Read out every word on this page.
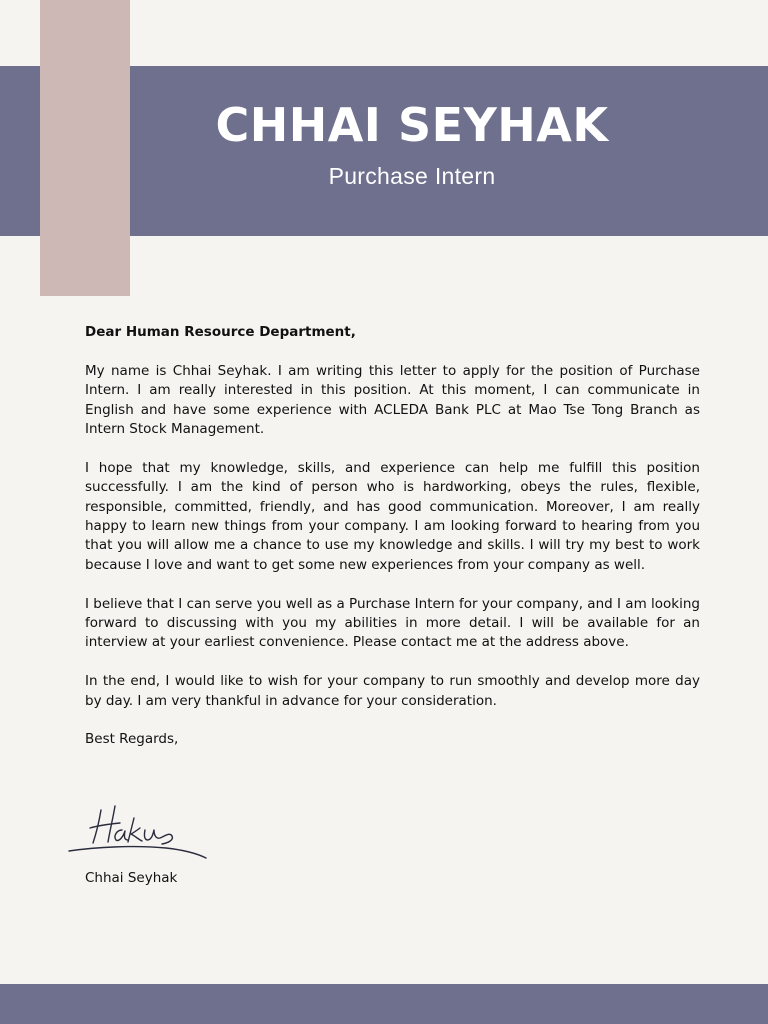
CHHAI SEYHAK
Purchase Intern

Dear Human Resource Department,

My name is Chhai Seyhak. I am writing this letter to apply for the position of Purchase Intern. I am really interested in this position. At this moment, I can communicate in English and have some experience with ACLEDA Bank PLC at Mao Tse Tong Branch as Intern Stock Management.

I hope that my knowledge, skills, and experience can help me fulfill this position successfully. I am the kind of person who is hardworking, obeys the rules, flexible, responsible, committed, friendly, and has good communication. Moreover, I am really happy to learn new things from your company. I am looking forward to hearing from you that you will allow me a chance to use my knowledge and skills. I will try my best to work because I love and want to get some new experiences from your company as well.

I believe that I can serve you well as a Purchase Intern for your company, and I am looking forward to discussing with you my abilities in more detail. I will be available for an interview at your earliest convenience. Please contact me at the address above.

In the end, I would like to wish for your company to run smoothly and develop more day by day. I am very thankful in advance for your consideration.

Best Regards,

Chhai Seyhak
